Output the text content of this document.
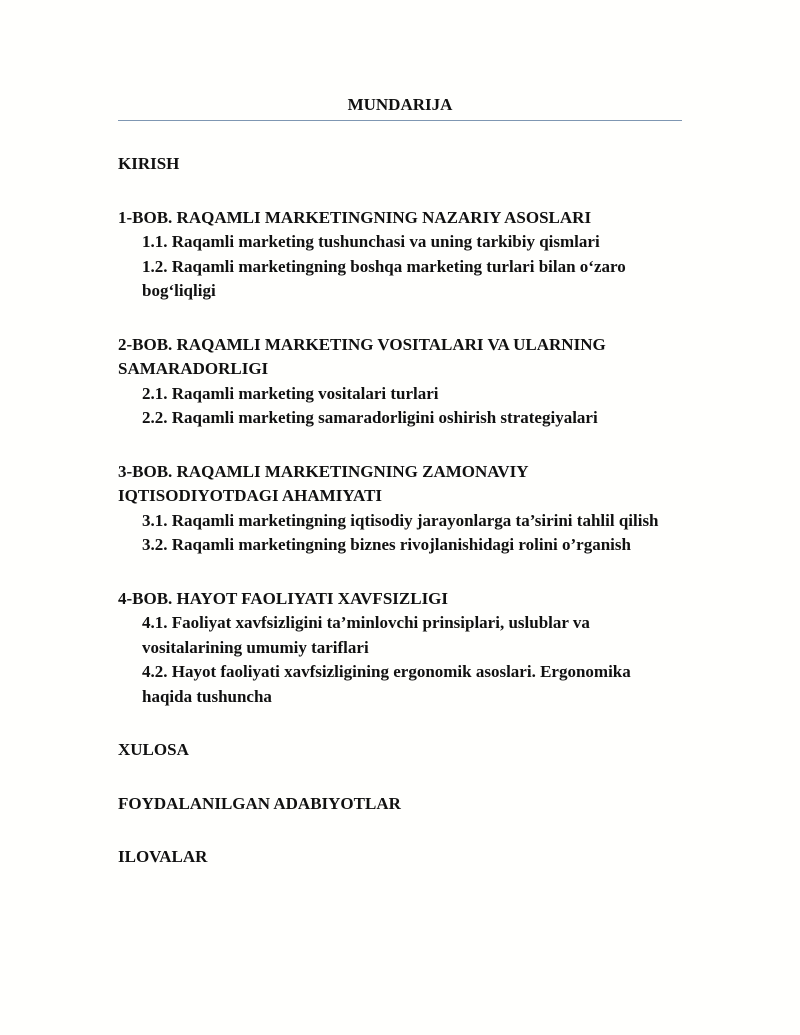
MUNDARIJA

KIRISH

1-BOB. RAQAMLI MARKETINGNING NAZARIY ASOSLARI

1.1. Raqamli marketing tushunchasi va uning tarkibiy qismlari

1.2. Raqamli marketingning boshqa marketing turlari bilan o‘zaro bog‘liqligi

2-BOB. RAQAMLI MARKETING VOSITALARI VA ULARNING SAMARADORLIGI

2.1. Raqamli marketing vositalari turlari

2.2. Raqamli marketing samaradorligini oshirish strategiyalari

3-BOB. RAQAMLI MARKETINGNING ZAMONAVIY IQTISODIYOTDAGI AHAMIYATI

3.1. Raqamli marketingning iqtisodiy jarayonlarga ta’sirini tahlil qilish

3.2. Raqamli marketingning biznes rivojlanishidagi rolini o’rganish

4-BOB. HAYOT FAOLIYATI XAVFSIZLIGI

4.1. Faoliyat xavfsizligini ta’minlovchi prinsiplari, uslublar va vositalarining umumiy tariflari

4.2. Hayot faoliyati xavfsizligining ergonomik asoslari. Ergonomika haqida tushuncha

XULOSA

FOYDALANILGAN ADABIYOTLAR

ILOVALAR
